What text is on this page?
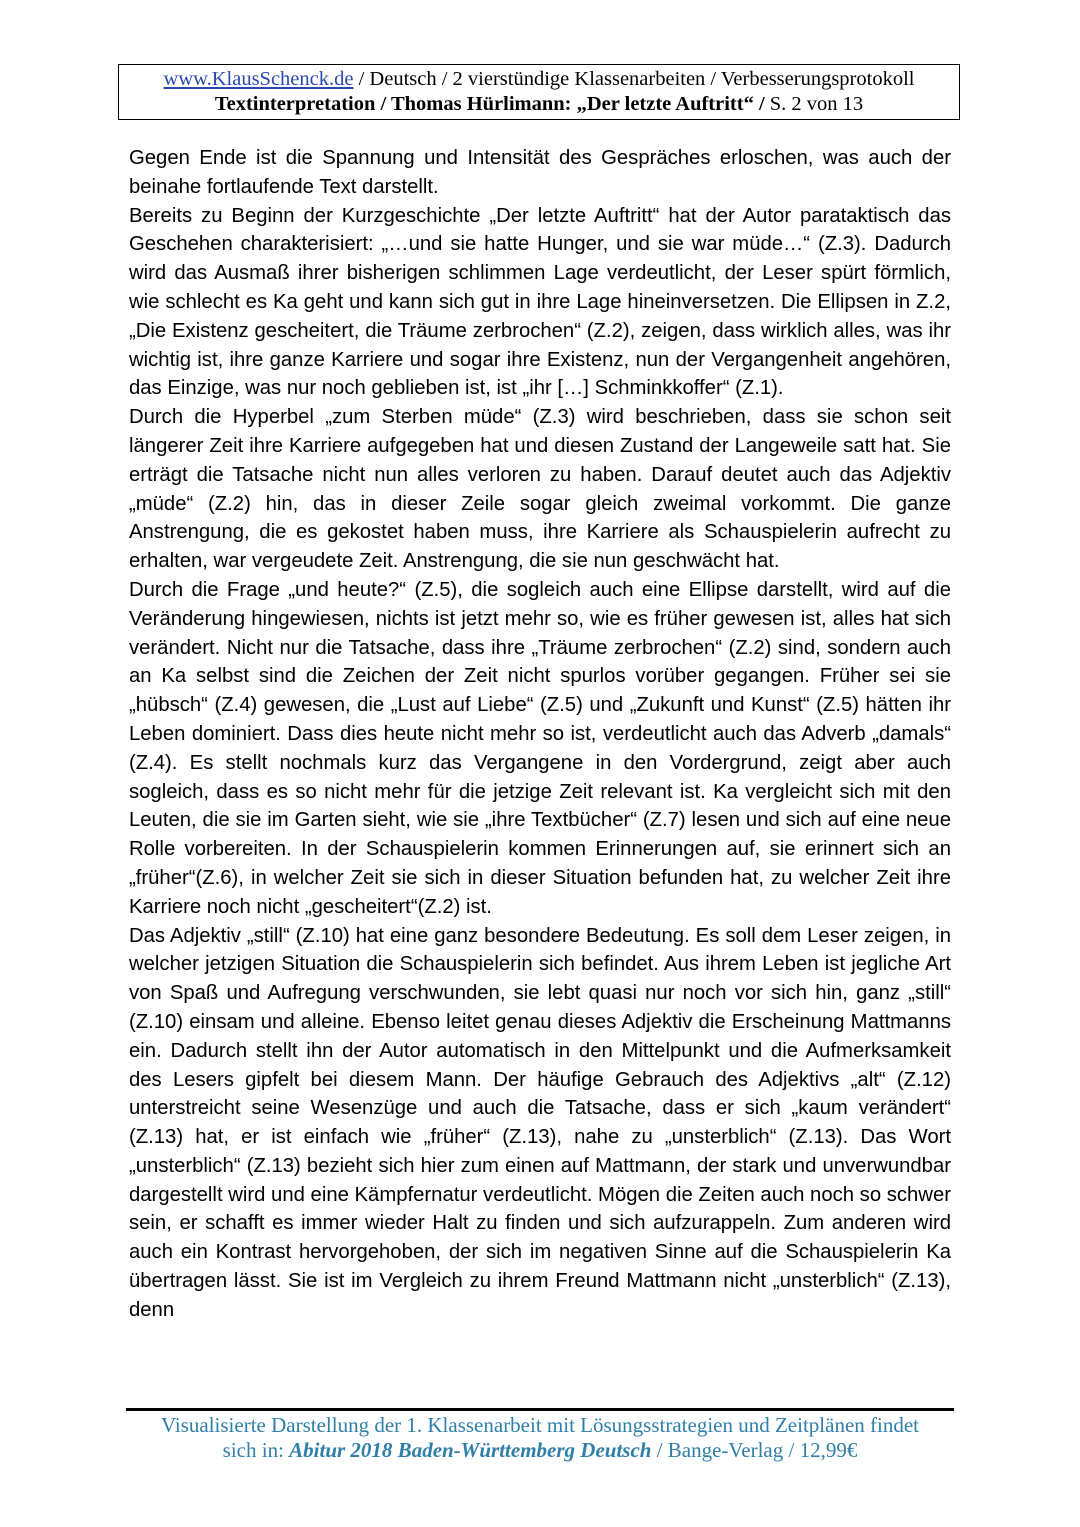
www.KlausSchenck.de / Deutsch / 2 vierstündige Klassenarbeiten / Verbesserungsprotokoll
Textinterpretation / Thomas Hürlimann: „Der letzte Auftritt“ / S. 2 von 13

Gegen Ende ist die Spannung und Intensität des Gespräches erloschen, was auch der beinahe fortlaufende Text darstellt.

Bereits zu Beginn der Kurzgeschichte „Der letzte Auftritt“ hat der Autor parataktisch das Geschehen charakterisiert: „…und sie hatte Hunger, und sie war müde…“ (Z.3). Dadurch wird das Ausmaß ihrer bisherigen schlimmen Lage verdeutlicht, der Leser spürt förmlich, wie schlecht es Ka geht und kann sich gut in ihre Lage hineinversetzen. Die Ellipsen in Z.2, „Die Existenz gescheitert, die Träume zerbrochen“ (Z.2), zeigen, dass wirklich alles, was ihr wichtig ist, ihre ganze Karriere und sogar ihre Existenz, nun der Vergangenheit angehören, das Einzige, was nur noch geblieben ist, ist „ihr […] Schminkkoffer“ (Z.1).

Durch die Hyperbel „zum Sterben müde“ (Z.3) wird beschrieben, dass sie schon seit längerer Zeit ihre Karriere aufgegeben hat und diesen Zustand der Langeweile satt hat. Sie erträgt die Tatsache nicht nun alles verloren zu haben. Darauf deutet auch das Adjektiv „müde“ (Z.2) hin, das in dieser Zeile sogar gleich zweimal vorkommt. Die ganze Anstrengung, die es gekostet haben muss, ihre Karriere als Schauspielerin aufrecht zu erhalten, war vergeudete Zeit. Anstrengung, die sie nun geschwächt hat.

Durch die Frage „und heute?“ (Z.5), die sogleich auch eine Ellipse darstellt, wird auf die Veränderung hingewiesen, nichts ist jetzt mehr so, wie es früher gewesen ist, alles hat sich verändert. Nicht nur die Tatsache, dass ihre „Träume zerbrochen“ (Z.2) sind, sondern auch an Ka selbst sind die Zeichen der Zeit nicht spurlos vorüber gegangen. Früher sei sie „hübsch“ (Z.4) gewesen, die „Lust auf Liebe“ (Z.5) und „Zukunft und Kunst“ (Z.5) hätten ihr Leben dominiert. Dass dies heute nicht mehr so ist, verdeutlicht auch das Adverb „damals“ (Z.4). Es stellt nochmals kurz das Vergangene in den Vordergrund, zeigt aber auch sogleich, dass es so nicht mehr für die jetzige Zeit relevant ist. Ka vergleicht sich mit den Leuten, die sie im Garten sieht, wie sie „ihre Textbücher“ (Z.7) lesen und sich auf eine neue Rolle vorbereiten. In der Schauspielerin kommen Erinnerungen auf, sie erinnert sich an „früher“(Z.6), in welcher Zeit sie sich in dieser Situation befunden hat, zu welcher Zeit ihre Karriere noch nicht „gescheitert“(Z.2) ist.

Das Adjektiv „still“ (Z.10) hat eine ganz besondere Bedeutung. Es soll dem Leser zeigen, in welcher jetzigen Situation die Schauspielerin sich befindet. Aus ihrem Leben ist jegliche Art von Spaß und Aufregung verschwunden, sie lebt quasi nur noch vor sich hin, ganz „still“ (Z.10) einsam und alleine. Ebenso leitet genau dieses Adjektiv die Erscheinung Mattmanns ein. Dadurch stellt ihn der Autor automatisch in den Mittelpunkt und die Aufmerksamkeit des Lesers gipfelt bei diesem Mann. Der häufige Gebrauch des Adjektivs „alt“ (Z.12) unterstreicht seine Wesenzüge und auch die Tatsache, dass er sich „kaum verändert“ (Z.13) hat, er ist einfach wie „früher“ (Z.13), nahe zu „unsterblich“ (Z.13). Das Wort „unsterblich“ (Z.13) bezieht sich hier zum einen auf Mattmann, der stark und unverwundbar dargestellt wird und eine Kämpfernatur verdeutlicht. Mögen die Zeiten auch noch so schwer sein, er schafft es immer wieder Halt zu finden und sich aufzurappeln. Zum anderen wird auch ein Kontrast hervorgehoben, der sich im negativen Sinne auf die Schauspielerin Ka übertragen lässt. Sie ist im Vergleich zu ihrem Freund Mattmann nicht „unsterblich“ (Z.13), denn

Visualisierte Darstellung der 1. Klassenarbeit mit Lösungsstrategien und Zeitplänen findet
sich in: Abitur 2018 Baden-Württemberg Deutsch / Bange-Verlag / 12,99€
